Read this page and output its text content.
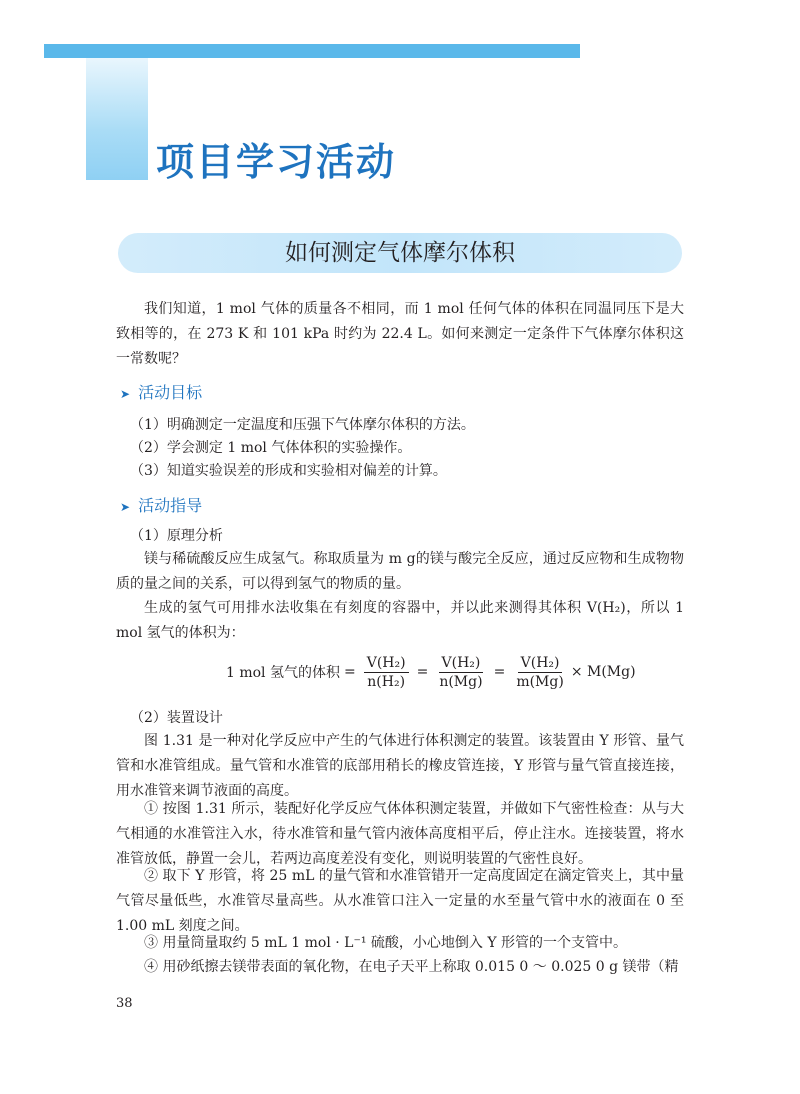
项目学习活动
如何测定气体摩尔体积
我们知道，1 mol 气体的质量各不相同，而 1 mol 任何气体的体积在同温同压下是大致相等的，在 273 K 和 101 kPa 时约为 22.4 L。如何来测定一定条件下气体摩尔体积这一常数呢？
➤ 活动目标
（1）明确测定一定温度和压强下气体摩尔体积的方法。
（2）学会测定 1 mol 气体体积的实验操作。
（3）知道实验误差的形成和实验相对偏差的计算。
➤ 活动指导
（1）原理分析
镁与稀硫酸反应生成氢气。称取质量为 m g的镁与酸完全反应，通过反应物和生成物物质的量之间的关系，可以得到氢气的物质的量。
生成的氢气可用排水法收集在有刻度的容器中，并以此来测得其体积 V(H₂)，所以 1 mol 氢气的体积为：
1 mol 氢气的体积 = $\frac{\text{V(H₂)}}{\text{n(H₂)}} = \frac{\text{V(H₂)}}{n(Mg)} = \frac{\text{V(H₂)}}{m(Mg)} \times M(Mg)$
（2）装置设计
图 1.31 是一种对化学反应中产生的气体进行体积测定的装置。该装置由 Y 形管、量气管和水准管组成。量气管和水准管的底部用稍长的橡皮管连接，Y 形管与量气管直接连接，用水准管来调节液面的高度。
① 按图 1.31 所示，装配好化学反应气体体积测定装置，并做如下气密性检查：从与大气相通的水准管注入水，待水准管和量气管内液体高度相平后，停止注水。连接装置，将水准管放低，静置一会儿，若两边高度差没有变化，则说明装置的气密性良好。
② 取下 Y 形管，将 25 mL 的量气管和水准管错开一定高度固定在滴定管夹上，其中量气管尽量低些，水准管尽量高些。从水准管口注入一定量的水至量气管中水的液面在 0 至 1.00 mL 刻度之间。
③ 用量筒量取约 5 mL 1 mol · L⁻¹ 硫酸，小心地倒入 Y 形管的一个支管中。
④ 用砂纸擦去镁带表面的氧化物，在电子天平上称取 0.015 0 ～ 0.025 0 g 镁带（精
38
